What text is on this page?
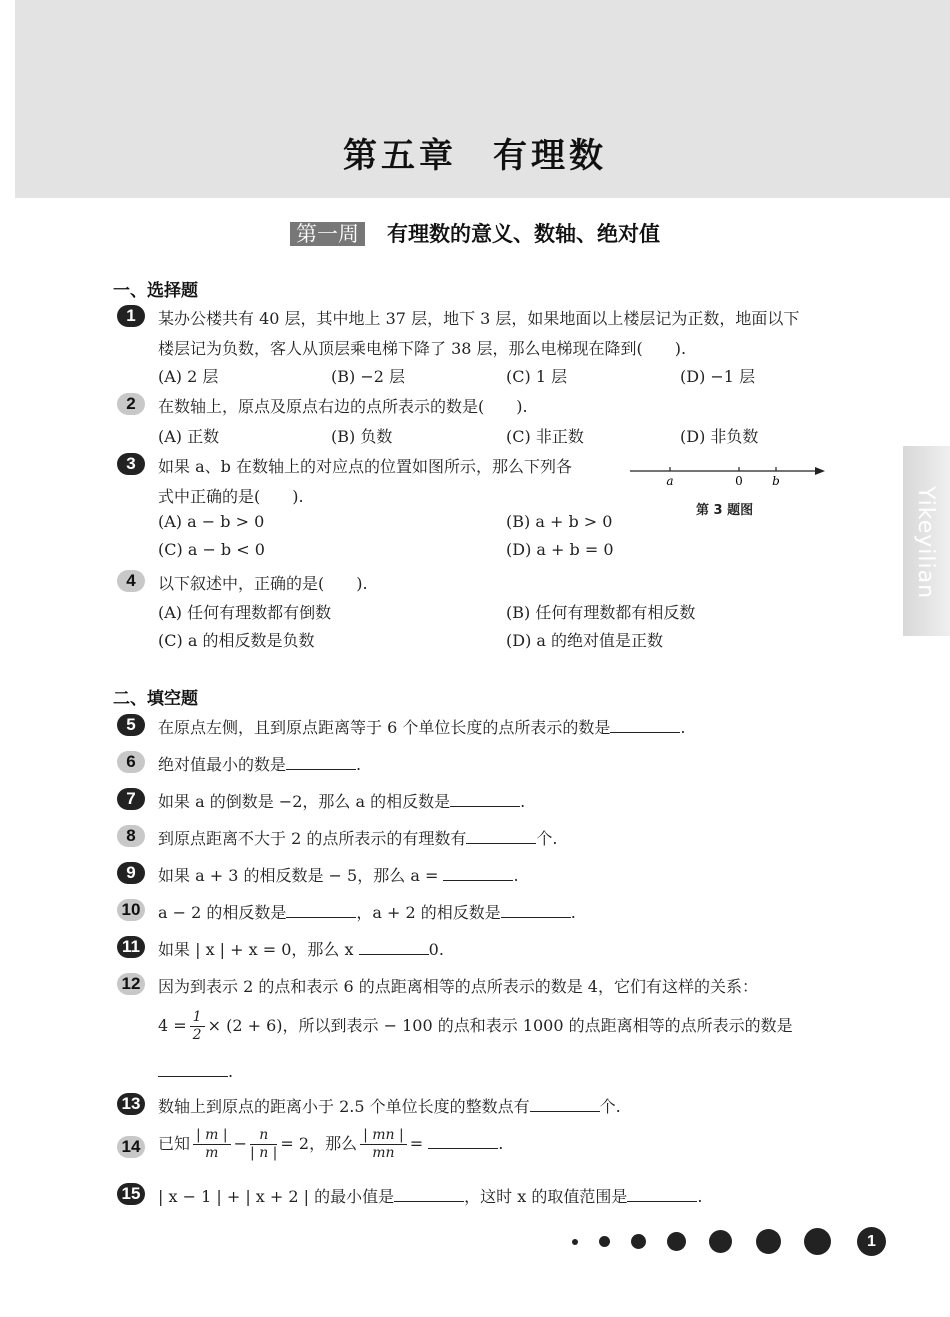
第五章 有理数
第一周 有理数的意义、数轴、绝对值
Yikeyilian
一、选择题
1	某办公楼共有 40 层，其中地上 37 层，地下 3 层，如果地面以上楼层记为正数，地面以下
楼层记为负数，客人从顶层乘电梯下降了 38 层，那么电梯现在降到(　　).
(A) 2 层	(B) −2 层	(C) 1 层	(D) −1 层
2	在数轴上，原点及原点右边的点所表示的数是(　　).
(A) 正数	(B) 负数	(C) 非正数	(D) 非负数
3	如果 a、b 在数轴上的对应点的位置如图所示，那么下列各
式中正确的是(　　).
(A) a − b > 0	(B) a + b > 0
(C) a − b < 0	(D) a + b = 0
a	0 b
第 3 题图
4	以下叙述中，正确的是(　　).
(A) 任何有理数都有倒数	(B) 任何有理数都有相反数
(C) a 的相反数是负数	(D) a 的绝对值是正数
二、填空题
5	在原点左侧，且到原点距离等于 6 个单位长度的点所表示的数是	.
6	绝对值最小的数是	.
7	如果 a 的倒数是 −2，那么 a 的相反数是	.
8	到原点距离不大于 2 的点所表示的有理数有	个.
9	如果 a + 3 的相反数是 − 5，那么 a =	.
10 a − 2 的相反数是	，a + 2 的相反数是	.
11	如果 | x | + x = 0，那么 x	0.
12 因为到表示 2 的点和表示 6 的点距离相等的点所表示的数是 4，它们有这样的关系：
$4 = \frac{1}{2} \times (2 + 6)$，所以到表示 − 100 的点和表示 1000 的点距离相等的点所表示的数是
.
13 数轴上到原点的距离小于 2.5 个单位长度的整数点有	个.
14 已知 $\frac{| m |}{m} - \frac{n}{| n |} = 2$，那么 $\frac{| mn |}{mn}$ =	.
15 | x − 1 | + | x + 2 | 的最小值是	，这时 x 的取值范围是	.
1
